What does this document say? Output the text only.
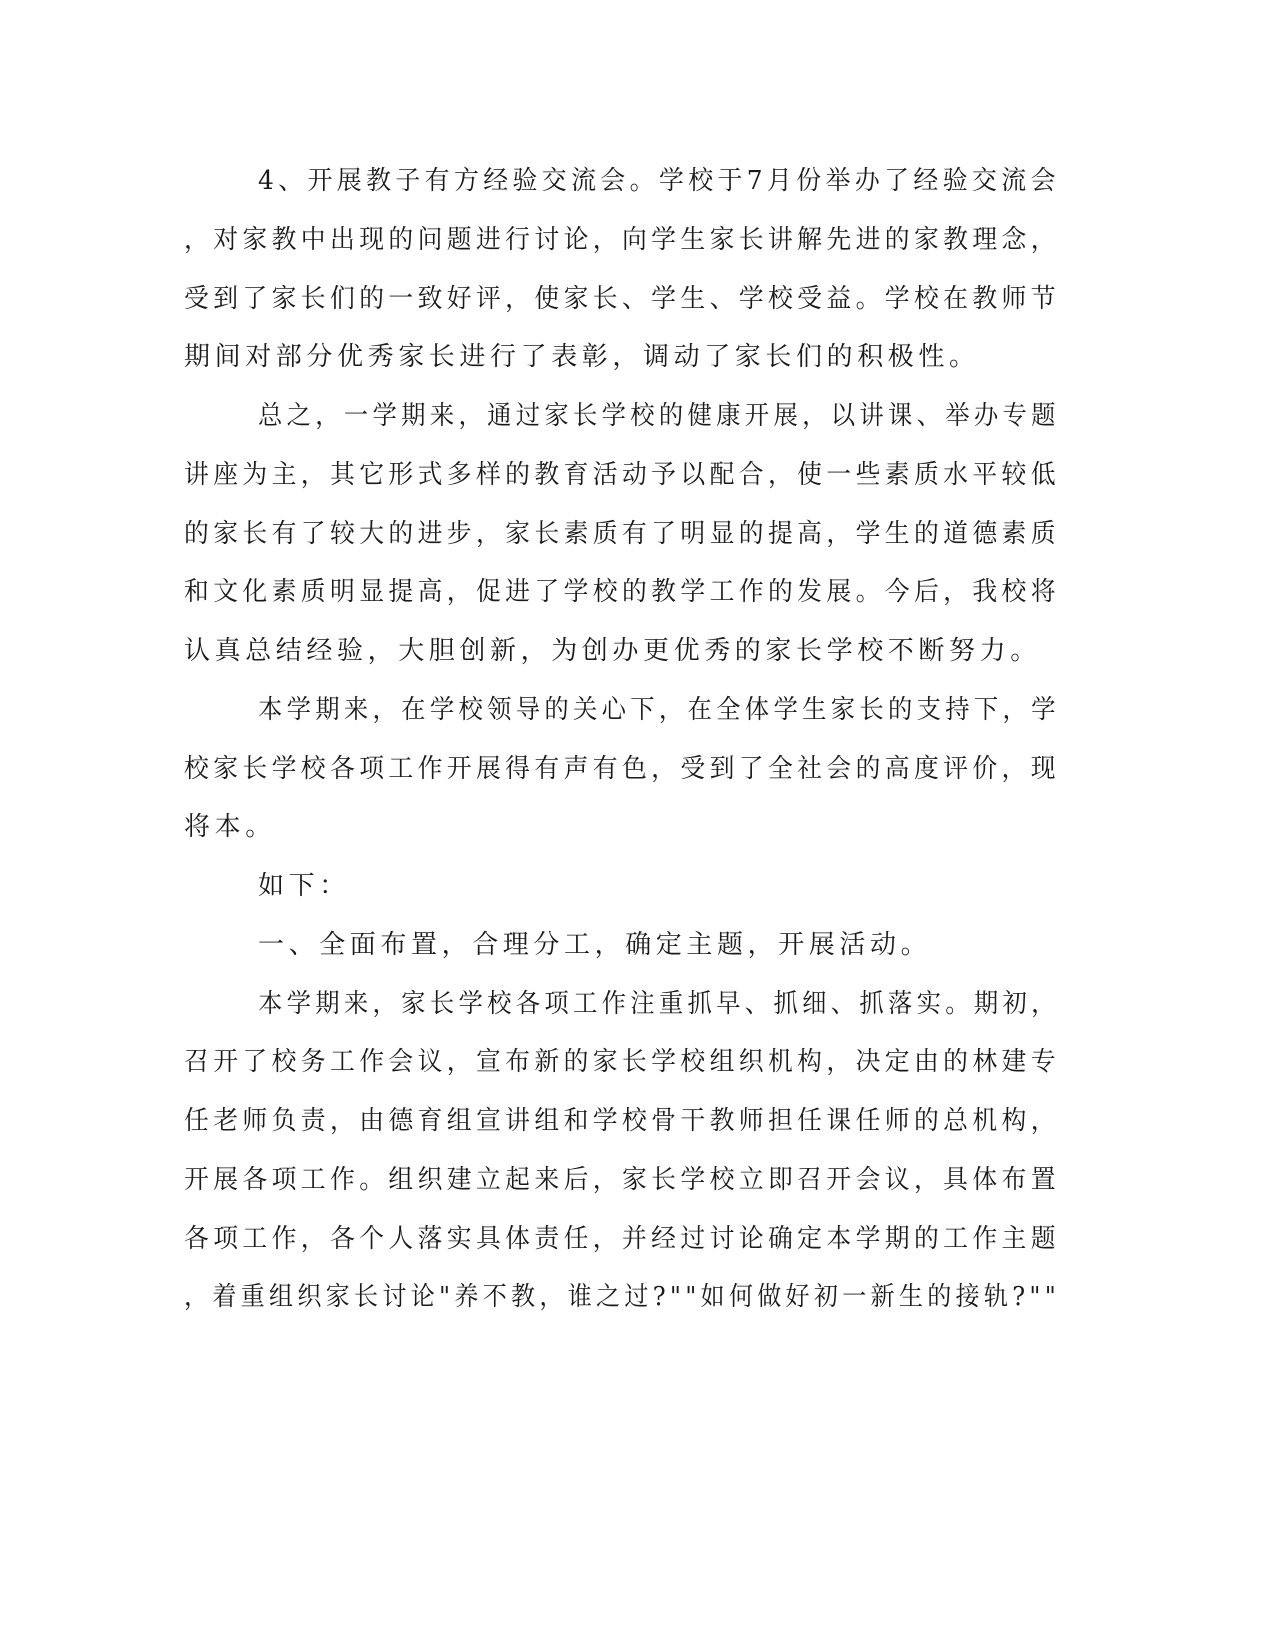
4、开展教子有方经验交流会。学校于7月份举办了经验交流会
，对家教中出现的问题进行讨论，向学生家长讲解先进的家教理念，
受到了家长们的一致好评，使家长、学生、学校受益。学校在教师节
期间对部分优秀家长进行了表彰，调动了家长们的积极性。
总之，一学期来，通过家长学校的健康开展，以讲课、举办专题
讲座为主，其它形式多样的教育活动予以配合，使一些素质水平较低
的家长有了较大的进步，家长素质有了明显的提高，学生的道德素质
和文化素质明显提高，促进了学校的教学工作的发展。今后，我校将
认真总结经验，大胆创新，为创办更优秀的家长学校不断努力。
本学期来，在学校领导的关心下，在全体学生家长的支持下，学
校家长学校各项工作开展得有声有色，受到了全社会的高度评价，现
将本。
如下：
一、全面布置，合理分工，确定主题，开展活动。
本学期来，家长学校各项工作注重抓早、抓细、抓落实。期初，
召开了校务工作会议，宣布新的家长学校组织机构，决定由的林建专
任老师负责，由德育组宣讲组和学校骨干教师担任课任师的总机构，
开展各项工作。组织建立起来后，家长学校立即召开会议，具体布置
各项工作，各个人落实具体责任，并经过讨论确定本学期的工作主题
，着重组织家长讨论"养不教，谁之过?""如何做好初一新生的接轨?""
